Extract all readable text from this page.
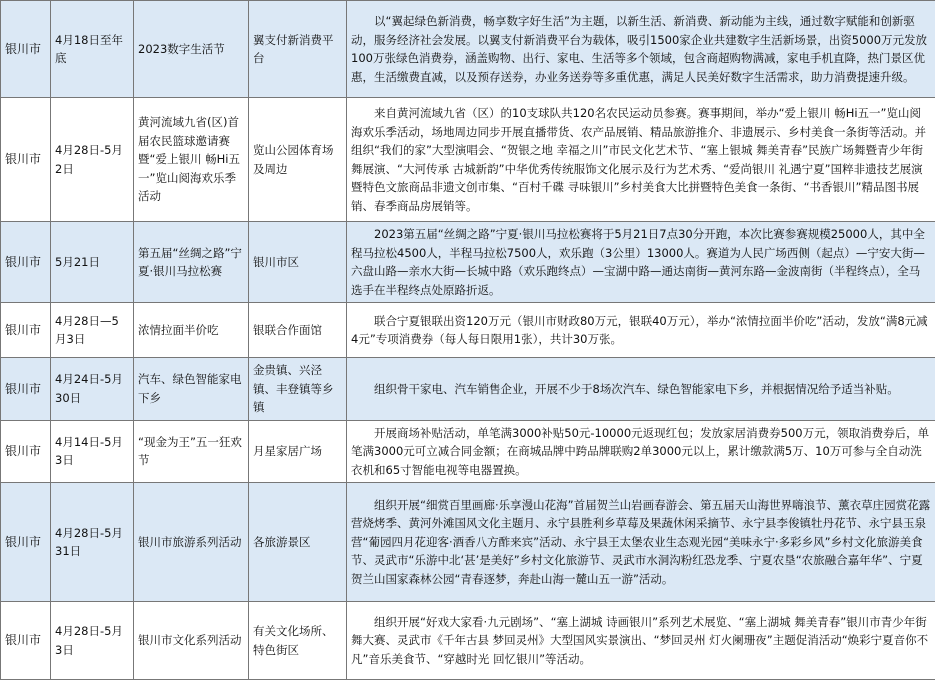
银川市	4月18日至年底	2023数字生活节	翼支付新消费平台	以“翼起绿色新消费，畅享数字好生活”为主题，以新生活、新消费、新动能为主线，通过数字赋能和创新驱动，服务经济社会发展。以翼支付新消费平台为载体，吸引1500家企业共建数字生活新场景，出资5000万元发放100万张绿色消费券，涵盖购物、出行、家电、生活等多个领域，包含商超购物满减，家电手机直降，热门景区优惠，生活缴费直减，以及预存送券，办业务送券等多重优惠，满足人民美好数字生活需求，助力消费提速升级。
银川市	4月28日-5月2日	黄河流域九省(区)首届农民篮球邀请赛暨“爱上银川 畅Hi五一”览山阅海欢乐季活动	览山公园体育场及周边	来自黄河流域九省（区）的10支球队共120名农民运动员参赛。赛事期间，举办“爱上银川 畅Hi五一”览山阅海欢乐季活动，场地周边同步开展直播带货、农产品展销、精品旅游推介、非遗展示、乡村美食一条街等活动。并组织“我们的家”大型演唱会、“贺银之地 幸福之川”市民文化艺术节、“塞上银城 舞美青春”民族广场舞暨青少年街舞展演、“大河传承 古城新韵”中华优秀传统服饰文化展示及行为艺术秀、“爱尚银川 礼遇宁夏”国粹非遗技艺展演暨特色文旅商品非遗文创市集、“百村千碟 寻味银川”乡村美食大比拼暨特色美食一条街、“书香银川”精品图书展销、春季商品房展销等。
银川市	5月21日	第五届“丝绸之路”宁夏·银川马拉松赛	银川市区	2023第五届“丝绸之路”宁夏·银川马拉松赛将于5月21日7点30分开跑，本次比赛参赛规模25000人，其中全程马拉松4500人，半程马拉松7500人，欢乐跑（3公里）13000人。赛道为人民广场西侧（起点）—宁安大街—六盘山路—亲水大街—长城中路（欢乐跑终点）—宝湖中路—通达南街—黄河东路—金波南街（半程终点），全马选手在半程终点处原路折返。
银川市	4月28日—5月3日	浓情拉面半价吃	银联合作面馆	联合宁夏银联出资120万元（银川市财政80万元，银联40万元），举办“浓情拉面半价吃”活动，发放“满8元减4元”专项消费券（每人每日限用1张），共计30万张。
银川市	4月24日-5月30日	汽车、绿色智能家电下乡	金贵镇、兴泾镇、丰登镇等乡镇	组织骨干家电、汽车销售企业，开展不少于8场次汽车、绿色智能家电下乡，并根据情况给予适当补贴。
银川市	4月14日-5月3日	“现金为王”五一狂欢节	月星家居广场	开展商场补贴活动，单笔满3000补贴50元-10000元返现红包；发放家居消费券500万元，领取消费券后，单笔满3000元可立减合同金额；在商城品牌中跨品牌联购2单3000元以上，累计缴款满5万、10万可参与全自动洗衣机和65寸智能电视等电器置换。
银川市	4月28日-5月31日	银川市旅游系列活动	各旅游景区	组织开展“细赏百里画廊·乐享漫山花海”首届贺兰山岩画春游会、第五届天山海世界嗨浪节、薰衣草庄园赏花露营烧烤季、黄河外滩国风文化主题月、永宁县胜利乡草莓及果蔬休闲采摘节、永宁县李俊镇牡丹花节、永宁县玉泉营“葡园四月花迎客·酒香八方酢来宾”活动、永宁县王太堡农业生态观光园“美味永宁·多彩乡风”乡村文化旅游美食节、灵武市“乐游中北‘甚’是美好”乡村文化旅游节、灵武市水洞沟粉红恐龙季、宁夏农垦“农旅融合嘉年华”、宁夏贺兰山国家森林公园“青春逐梦，奔赴山海一麓山五一游”活动。
银川市	4月28日-5月3日	银川市文化系列活动	有关文化场所、特色街区	组织开展“好戏大家看·九元剧场”、“塞上湖城 诗画银川”系列艺术展览、“塞上湖城 舞美青春”银川市青少年街舞大赛、灵武市《千年古县 梦回灵州》大型国风实景演出、“梦回灵州 灯火阑珊夜”主题促消活动“焕彩宁夏音你不凡”音乐美食节、“穿越时光 回忆银川”等活动。
